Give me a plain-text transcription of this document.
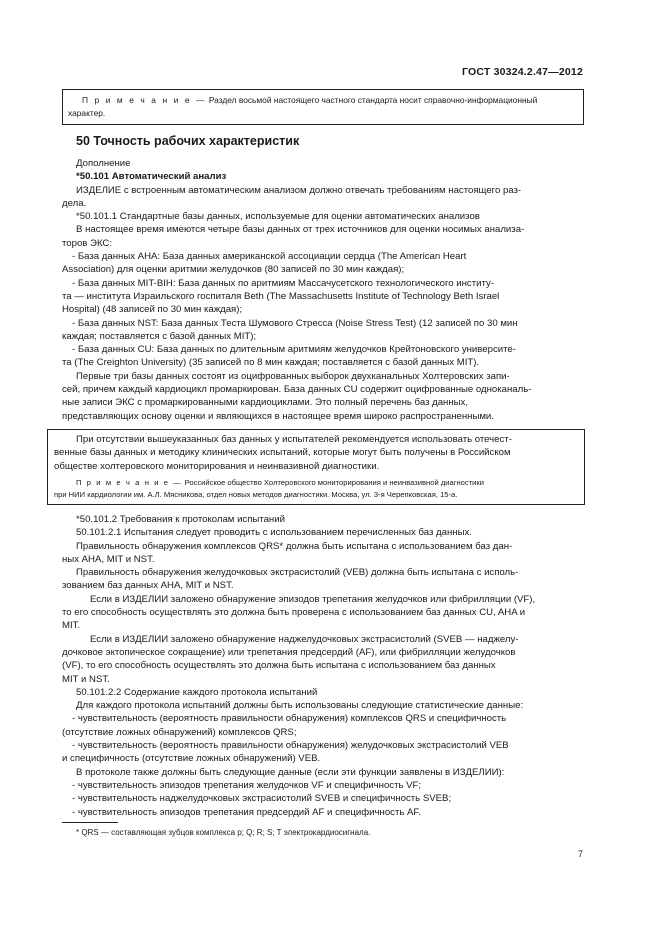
ГОСТ 30324.2.47—2012
П р и м е ч а н и е — Раздел восьмой настоящего частного стандарта носит справочно-информационный
характер.
50 Точность рабочих характеристик

Дополнение

*50.101 Автоматический анализ

ИЗДЕЛИЕ с встроенным автоматическим анализом должно отвечать требованиям настоящего раз-

дела.

*50.101.1 Стандартные базы данных, используемые для оценки автоматических анализов

В настоящее время имеются четыре базы данных от трех источников для оценки носимых анализа-

торов ЭКС:

- База данных АНА: База данных американской ассоциации сердца (The American Heart

Association) для оценки аритмии желудочков (80 записей по 30 мин каждая);

- База данных MIT-BIH: База данных по аритмиям Массачусетского технологического институ-

та — института Израильского госпиталя Beth (The Massachusetts Institute of Technology Beth Israel

Hospital) (48 записей по 30 мин каждая);

- База данных NST: База данных Теста Шумового Стресса (Noise Stress Test) (12 записей по 30 мин

каждая; поставляется с базой данных MIT);

- База данных CU: База данных по длительным аритмиям желудочков Крейтоновского университе-

та (The Creighton University) (35 записей по 8 мин каждая; поставляется с базой данных MIT).

Первые три базы данных состоят из оцифрованных выборок двухканальных Холтеровских запи-

сей, причем каждый кардиоцикл промаркирован. База данных CU содержит оцифрованные одноканаль-

ные записи ЭКС с промаркированными кардиоциклами. Это полный перечень баз данных,

представляющих основу оценки и являющихся в настоящее время широко распространенными.

При отсутствии вышеуказанных баз данных у испытателей рекомендуется использовать отечест-

венные базы данных и методику клинических испытаний, которые могут быть получены в Российском

обществе холтеровского мониторирования и неинвазивной диагностики.

П р и м е ч а н и е — Российское общество Холтеровского мониторирования и неинвазивной диагностики
при НИИ кардиологии им. А.Л. Мясникова, отдел новых методов диагностики. Москва, ул. 3-я Черепковская, 15-а.

*50.101.2 Требования к протоколам испытаний

50.101.2.1 Испытания следует проводить с использованием перечисленных баз данных.

Правильность обнаружения комплексов QRS* должна быть испытана с использованием баз дан-

ных АНА, MIT и NST.

Правильность обнаружения желудочковых экстрасистолий (VEB) должна быть испытана с исполь-

зованием баз данных АНА, MIT и NST.

Если в ИЗДЕЛИИ заложено обнаружение эпизодов трепетания желудочков или фибрилляции (VF),

то его способность осуществлять это должна быть проверена с использованием баз данных CU, AHA и

MIT.

Если в ИЗДЕЛИИ заложено обнаружение наджелудочковых экстрасистолий (SVEB — наджелу-

дочковое эктопическое сокращение) или трепетания предсердий (AF), или фибрилляции желудочков

(VF), то его способность осуществлять это должна быть испытана с использованием баз данных

MIT и NST.

50.101.2.2 Содержание каждого протокола испытаний

Для каждого протокола испытаний должны быть использованы следующие статистические данные:

- чувствительность (вероятность правильности обнаружения) комплексов QRS и специфичность

(отсутствие ложных обнаружений) комплексов QRS;

- чувствительность (вероятность правильности обнаружения) желудочковых экстрасистолий VEB

и специфичность (отсутствие ложных обнаружений) VEB.

В протоколе также должны быть следующие данные (если эти функции заявлены в ИЗДЕЛИИ):

- чувствительность эпизодов трепетания желудочков VF и специфичность VF;

- чувствительность наджелудочковых экстрасистолий SVEB и специфичность SVEB;

- чувствительность эпизодов трепетания предсердий AF и специфичность AF.

* QRS — составляющая зубцов комплекса р; Q; R; S; T электрокардиосигнала.
7
